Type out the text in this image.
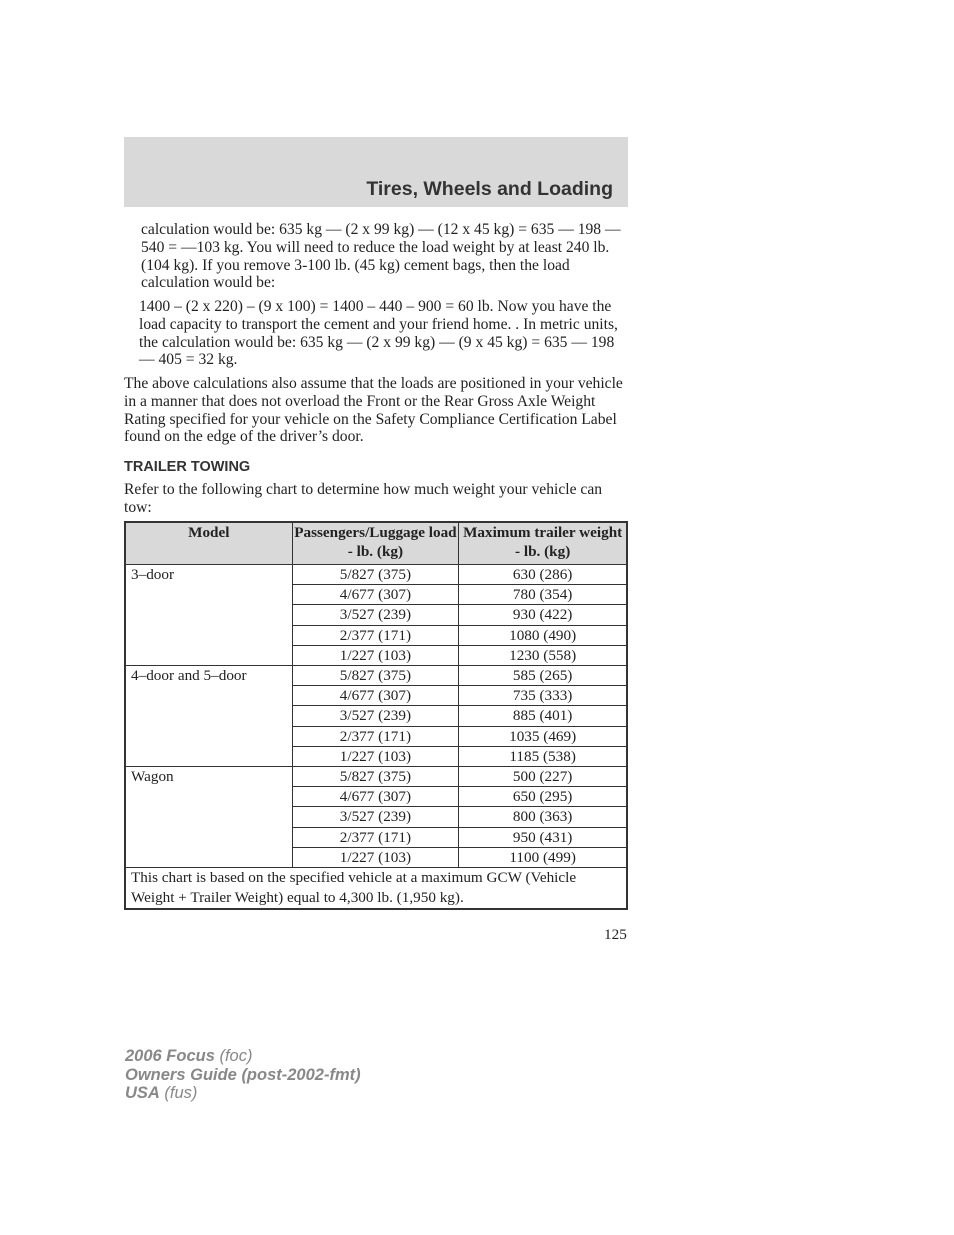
Tires, Wheels and Loading

calculation would be: 635 kg — (2 x 99 kg) — (12 x 45 kg) = 635 — 198 — 540 = —103 kg. You will need to reduce the load weight by at least 240 lb. (104 kg). If you remove 3-100 lb. (45 kg) cement bags, then the load calculation would be:

1400 – (2 x 220) – (9 x 100) = 1400 – 440 – 900 = 60 lb. Now you have the load capacity to transport the cement and your friend home. . In metric units, the calculation would be: 635 kg — (2 x 99 kg) — (9 x 45 kg) = 635 — 198 — 405 = 32 kg.

The above calculations also assume that the loads are positioned in your vehicle in a manner that does not overload the Front or the Rear Gross Axle Weight Rating specified for your vehicle on the Safety Compliance Certification Label found on the edge of the driver’s door.

TRAILER TOWING

Refer to the following chart to determine how much weight your vehicle can tow:

Model	Passengers/Luggage load - lb. (kg)	Maximum trailer weight - lb. (kg)
3–door	5/827 (375)	630 (286)
	4/677 (307)	780 (354)
	3/527 (239)	930 (422)
	2/377 (171)	1080 (490)
	1/227 (103)	1230 (558)
4–door and 5–door	5/827 (375)	585 (265)
	4/677 (307)	735 (333)
	3/527 (239)	885 (401)
	2/377 (171)	1035 (469)
	1/227 (103)	1185 (538)
Wagon	5/827 (375)	500 (227)
	4/677 (307)	650 (295)
	3/527 (239)	800 (363)
	2/377 (171)	950 (431)
	1/227 (103)	1100 (499)
This chart is based on the specified vehicle at a maximum GCW (Vehicle Weight + Trailer Weight) equal to 4,300 lb. (1,950 kg).		
125
2006 Focus (foc)
Owners Guide (post-2002-fmt)
USA (fus)
